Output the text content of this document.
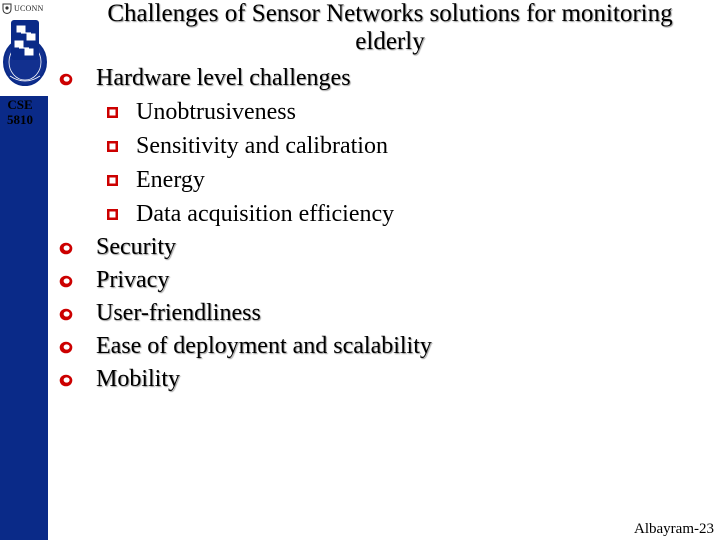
UCONN
CSE
5810
Challenges of Sensor Networks solutions for monitoring
elderly
Hardware level challenges
Unobtrusiveness
Sensitivity and calibration
Energy
Data acquisition efficiency
Security
Privacy
User-friendliness
Ease of deployment and scalability
Mobility
Albayram-23
